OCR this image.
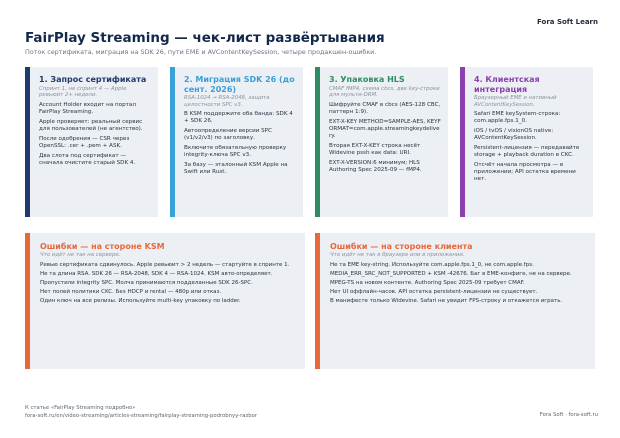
Fora Soft Learn
FairPlay Streaming — чек-лист развёртывания
Поток сертификата, миграция на SDK 26, пути EME и AVContentKeySession, четыре продакшен-ошибки.
1. Запрос сертификата
Спринт 1, не спринт 4 — Apple ревьюит 2+ недели.

Account Holder входит на портал FairPlay Streaming.

Apple проверяет: реальный сервис для пользователей (не агентство).

После одобрения — CSR через OpenSSL: .cer + .pem + ASK.

Два слота под сертификат — сначала очистите старый SDK 4.

2. Миграция SDK 26 (до сент. 2026)
RSA-1024 → RSA-2048, защита целостности SPC v3.

В KSM поддержите оба банда: SDK 4 + SDK 26.

Автоопределение версии SPC (v1/v2/v3) по заголовку.

Включите обязательную проверку integrity-ключа SPC v3.

За базу — эталонный KSM Apple на Swift или Rust.

3. Упаковка HLS
CMAF fMP4, схема cbcs, две key-строки для мульти-DRM.

Шифруйте CMAF в cbcs (AES-128 CBC, паттерн 1:9).

EXT-X-KEY METHOD=SAMPLE-AES, KEYFORMAT=com.apple.streamingkeydelivery.

Вторая EXT-X-KEY строка несёт Widevine pssh как data: URI.

EXT-X-VERSION:6 минимум; HLS Authoring Spec 2025-09 — fMP4.

4. Клиентская интеграция
Браузерный EME и нативный AVContentKeySession.

Safari EME keySystem-строка: com.apple.fps.1_0.

iOS / tvOS / visionOS native: AVContentKeySession.

Persistent-лицензия — передавайте storage + playback duration в CKC.

Отсчёт начала просмотра — в приложении; API остатка времени нет.

Ошибки — на стороне KSM
Что идёт не так на сервере.

Ревью сертификата сдвинулось. Apple ревьюит > 2 недель — стартуйте в спринте 1.

Не та длина RSA. SDK 26 — RSA-2048, SDK 4 — RSA-1024. KSM авто-определяет.

Пропустили integrity SPC. Молча принимаются подделанные SDK 26-SPC.

Нет полей политики CKC. Без HDCP и rental — 480p или отказ.

Один ключ на все релизы. Используйте multi-key упаковку по ladder.

Ошибки — на стороне клиента
Что идёт не так в браузере или в приложении.

Не та EME key-string. Используйте com.apple.fps.1_0, не com.apple.fps.

MEDIA_ERR_SRC_NOT_SUPPORTED + KSM -42676. Баг в EME-конфиге, не на сервере.

MPEG-TS на новом контенте. Authoring Spec 2025-09 требует CMAF.

Нет UI оффлайн-часов. API остатка persistent-лицензии не существует.

В манифесте только Widevine. Safari не увидит FPS-строку и откажется играть.

К статье «FairPlay Streaming подробно»
fora-soft.ru/en/video-streaming/articles-streaming/fairplay-streaming-podrobnyy-razbor	Fora Soft · fora-soft.ru
